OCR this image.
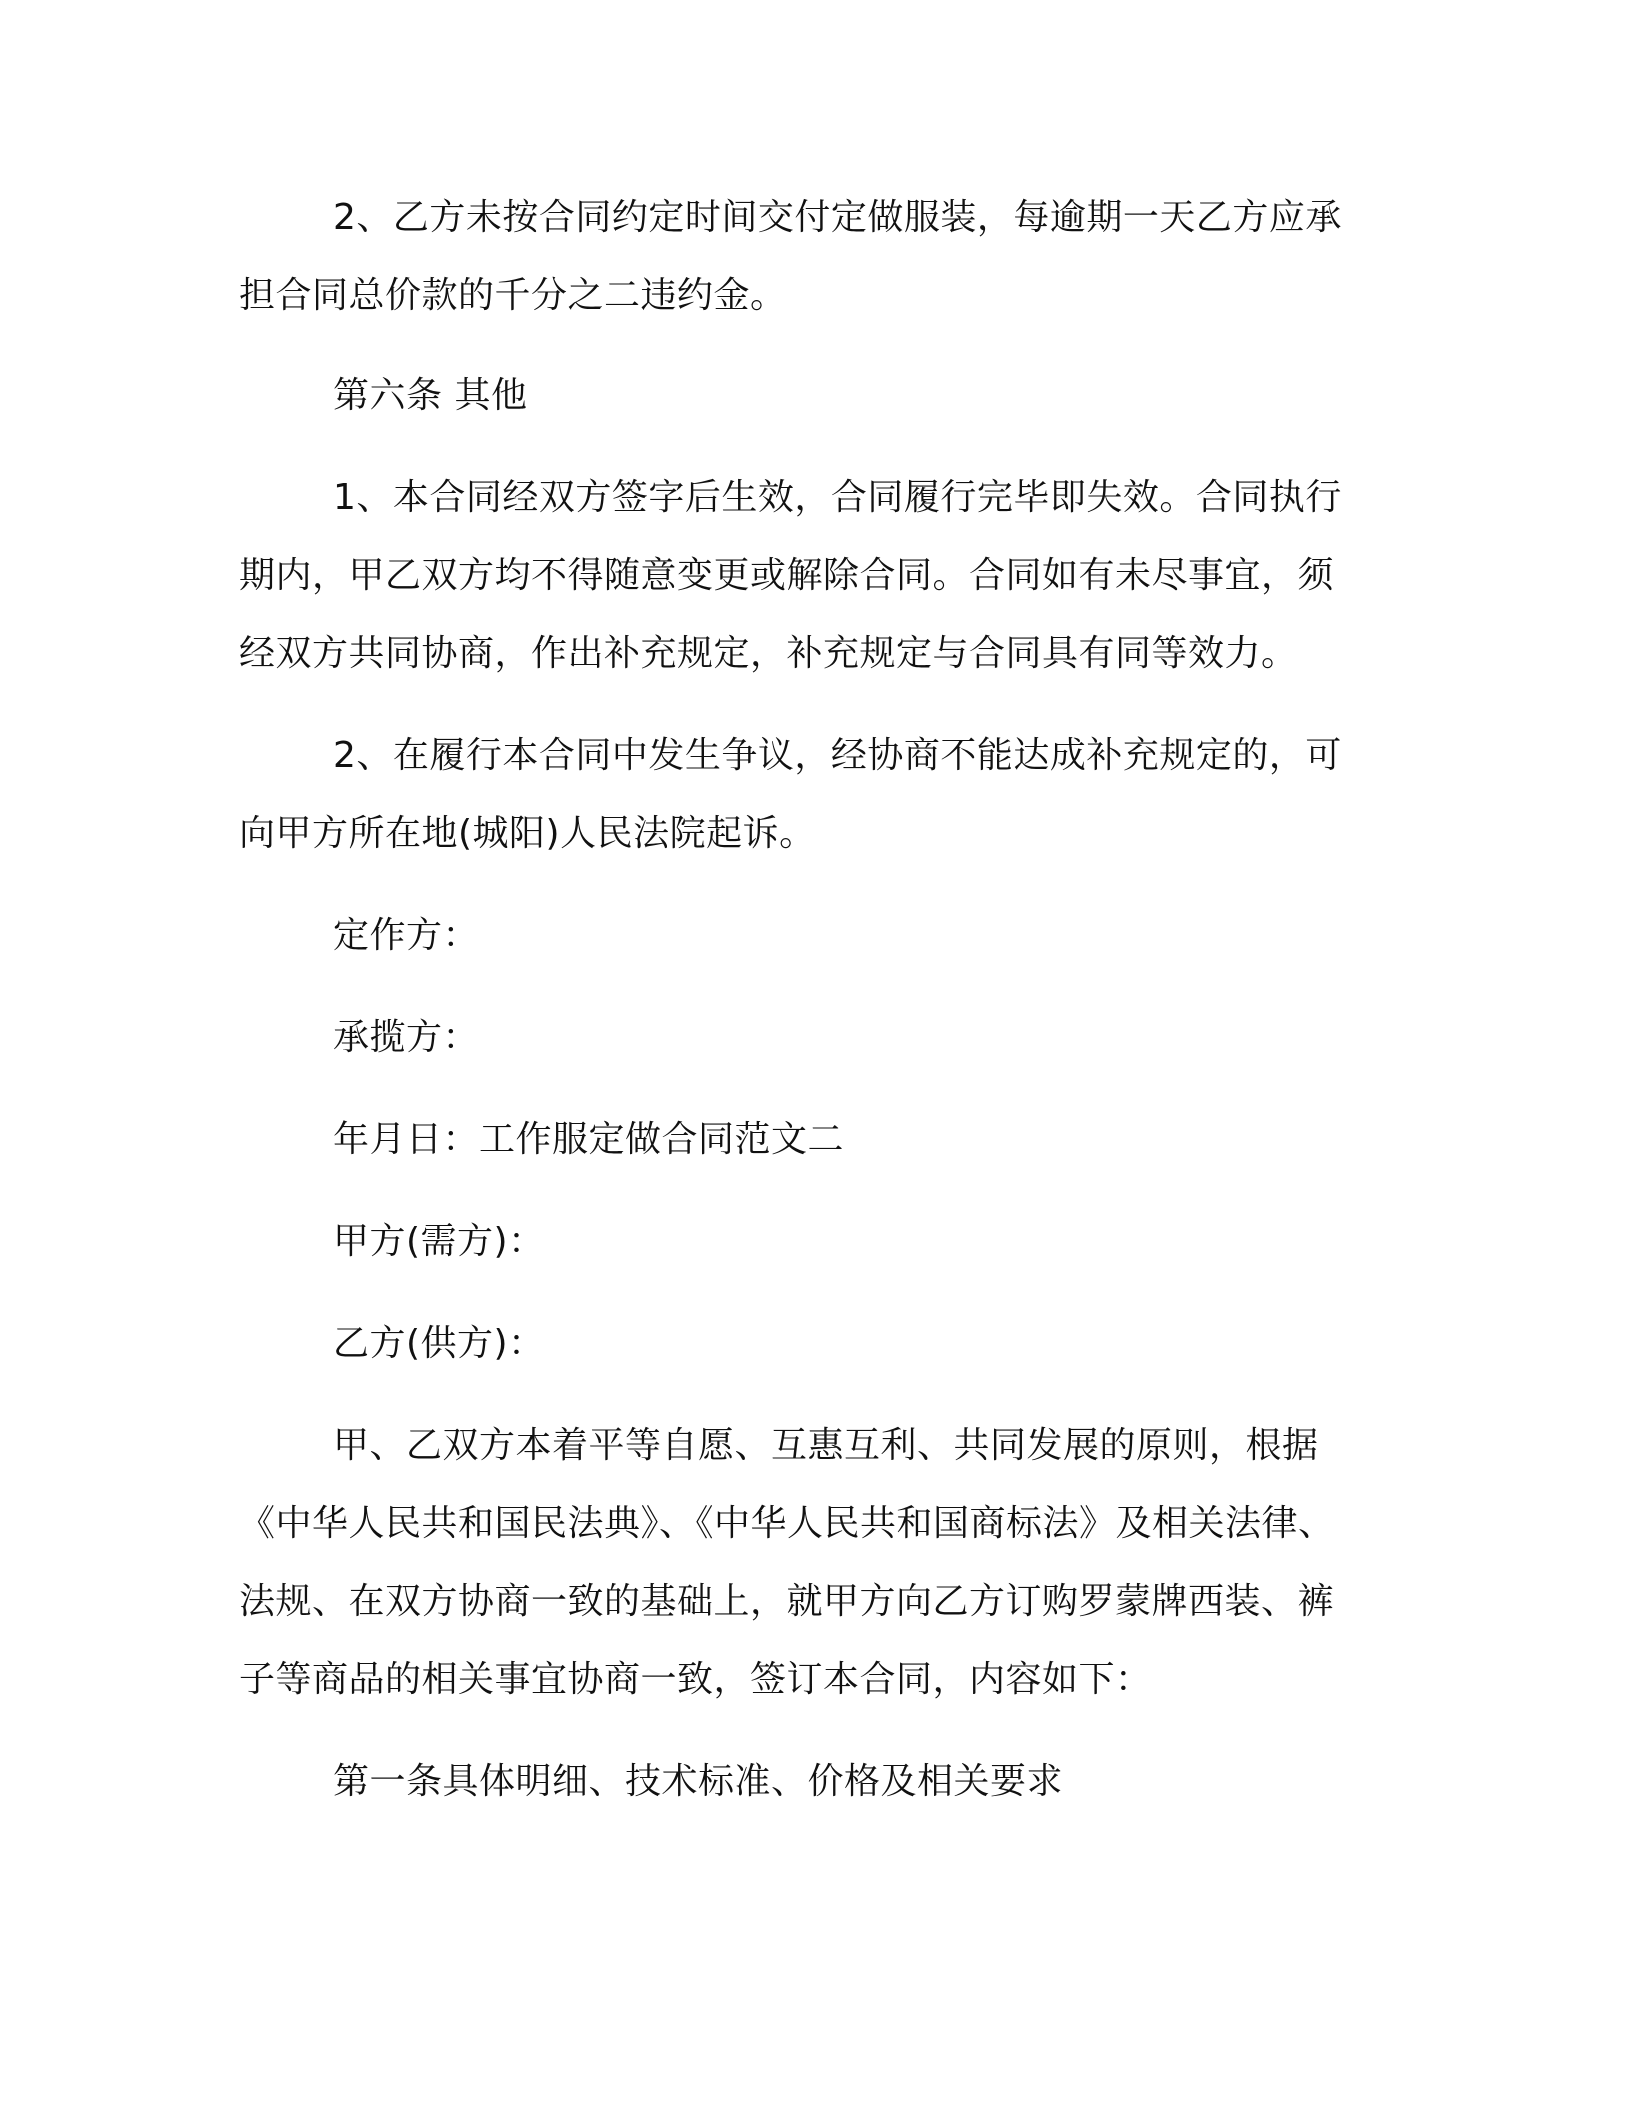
2、乙方未按合同约定时间交付定做服装，每逾期一天乙方应承
担合同总价款的千分之二违约金。
第六条 其他
1、本合同经双方签字后生效，合同履行完毕即失效。合同执行
期内，甲乙双方均不得随意变更或解除合同。合同如有未尽事宜，须
经双方共同协商，作出补充规定，补充规定与合同具有同等效力。
2、在履行本合同中发生争议，经协商不能达成补充规定的，可
向甲方所在地(城阳)人民法院起诉。
定作方：
承揽方：
年月日：工作服定做合同范文二
甲方(需方)：
乙方(供方)：
甲、乙双方本着平等自愿、互惠互利、共同发展的原则，根据
《中华人民共和国民法典》、《中华人民共和国商标法》及相关法律、
法规、在双方协商一致的基础上，就甲方向乙方订购罗蒙牌西装、裤
子等商品的相关事宜协商一致，签订本合同，内容如下：
第一条具体明细、技术标准、价格及相关要求
